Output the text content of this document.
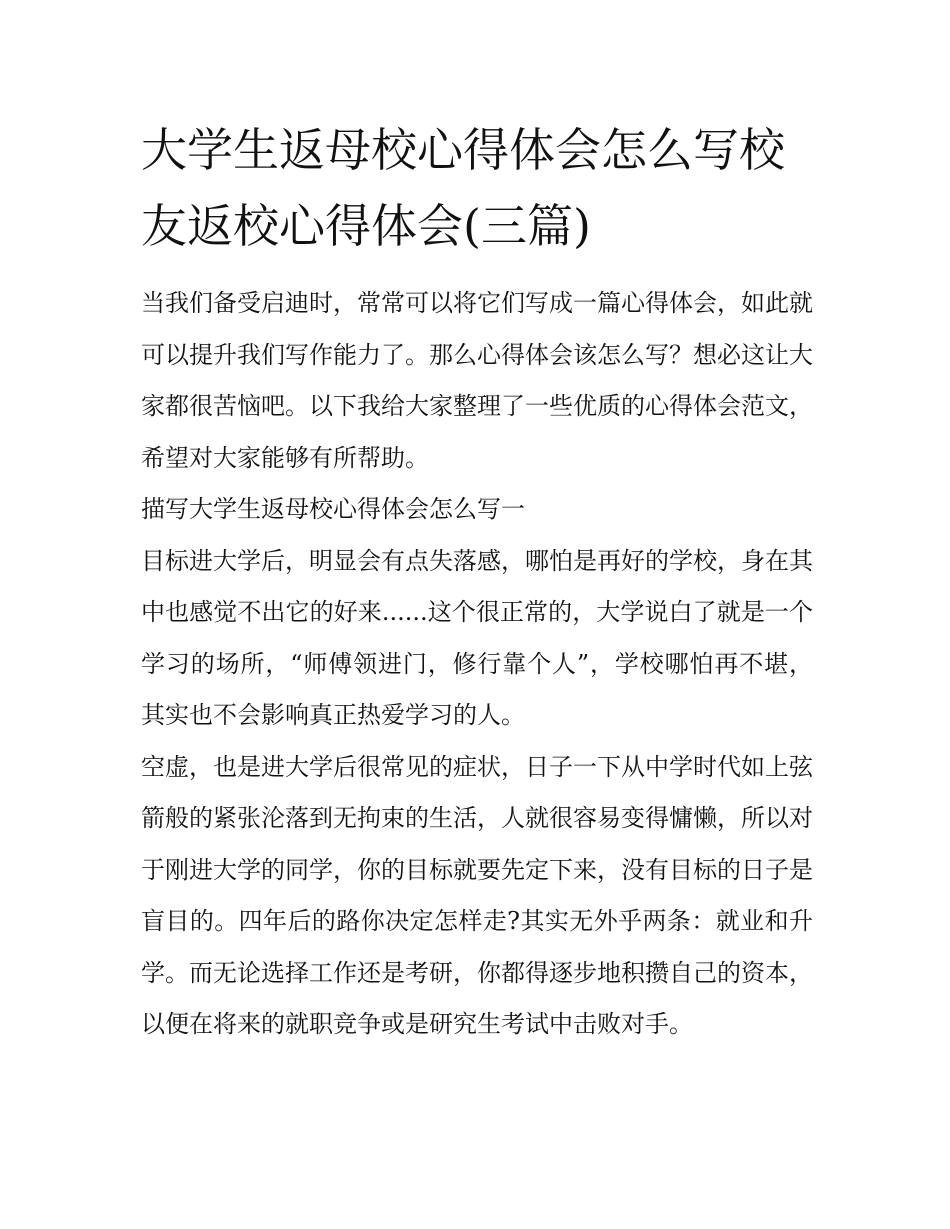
大学生返母校心得体会怎么写校友返校心得体会(三篇)

当我们备受启迪时，常常可以将它们写成一篇心得体会，如此就可以提升我们写作能力了。那么心得体会该怎么写？想必这让大家都很苦恼吧。以下我给大家整理了一些优质的心得体会范文，希望对大家能够有所帮助。

描写大学生返母校心得体会怎么写一

目标进大学后，明显会有点失落感，哪怕是再好的学校，身在其中也感觉不出它的好来......这个很正常的，大学说白了就是一个学习的场所，“师傅领进门，修行靠个人”，学校哪怕再不堪，其实也不会影响真正热爱学习的人。

空虚，也是进大学后很常见的症状，日子一下从中学时代如上弦箭般的紧张沦落到无拘束的生活，人就很容易变得慵懒，所以对于刚进大学的同学，你的目标就要先定下来，没有目标的日子是盲目的。四年后的路你决定怎样走?其实无外乎两条：就业和升学。而无论选择工作还是考研，你都得逐步地积攒自己的资本，以便在将来的就职竞争或是研究生考试中击败对手。
